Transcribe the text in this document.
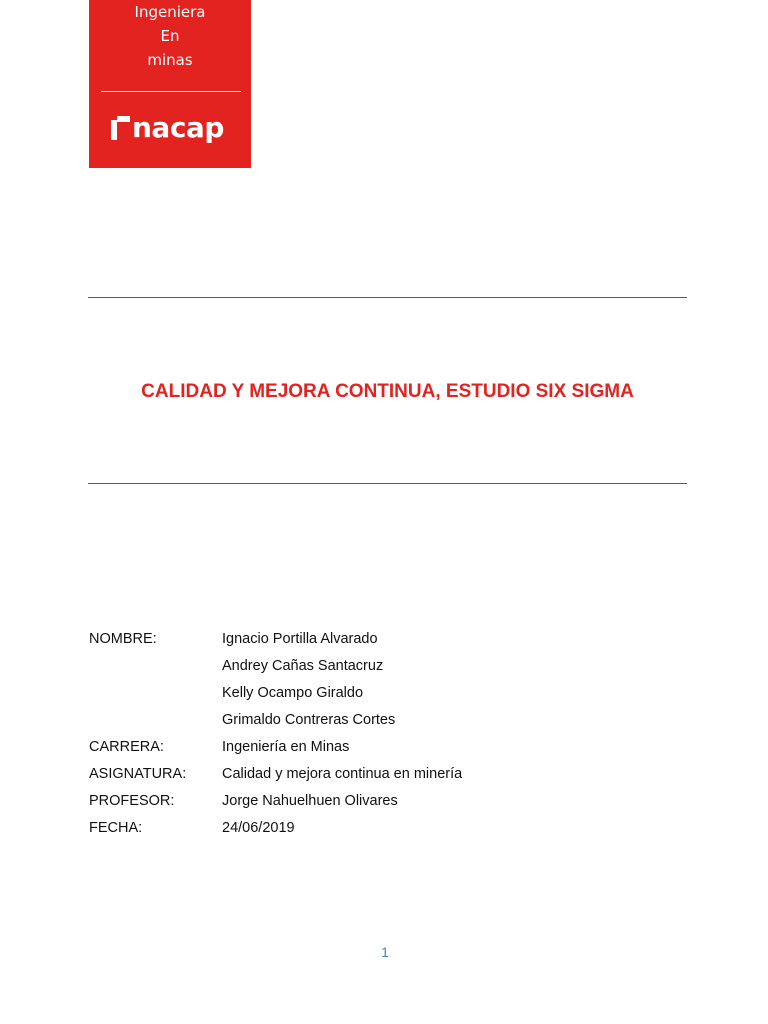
Ingeniera
En
minas
nacap
CALIDAD Y MEJORA CONTINUA, ESTUDIO SIX SIGMA
NOMBRE:	Ignacio Portilla Alvarado
Andrey Cañas Santacruz
Kelly Ocampo Giraldo
Grimaldo Contreras Cortes
CARRERA:	Ingeniería en Minas
ASIGNATURA: Calidad y mejora continua en minería
PROFESOR:	Jorge Nahuelhuen Olivares
FECHA:	24/06/2019
1
